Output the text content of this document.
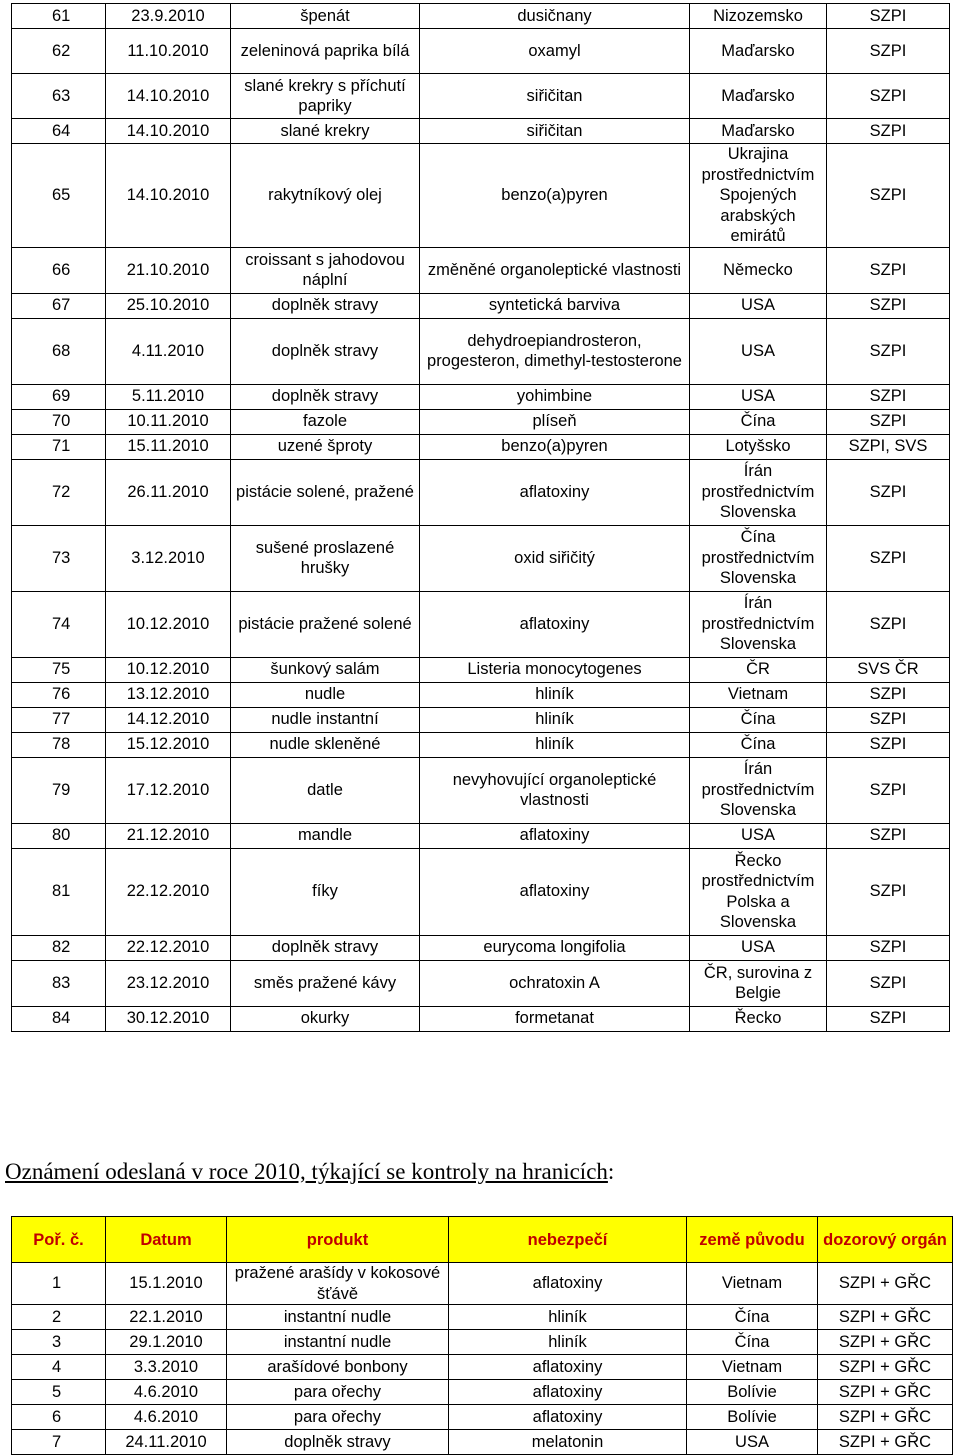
61	23.9.2010	špenát	dusičnany	Nizozemsko	SZPI
62	11.10.2010	zeleninová paprika bílá	oxamyl	Maďarsko	SZPI
63	14.10.2010	slané krekry s příchutí papriky	siřičitan	Maďarsko	SZPI
64	14.10.2010	slané krekry	siřičitan	Maďarsko	SZPI
65	14.10.2010	rakytníkový olej	benzo(a)pyren	Ukrajina prostřednictvím Spojených arabských emirátů	SZPI
66	21.10.2010	croissant s jahodovou náplní	změněné organoleptické vlastnosti	Německo	SZPI
67	25.10.2010	doplněk stravy	syntetická barviva	USA	SZPI
68	4.11.2010	doplněk stravy	dehydroepiandrosteron, progesteron, dimethyl-testosterone	USA	SZPI
69	5.11.2010	doplněk stravy	yohimbine	USA	SZPI
70	10.11.2010	fazole	plíseň	Čína	SZPI
71	15.11.2010	uzené šproty	benzo(a)pyren	Lotyšsko	SZPI, SVS
72	26.11.2010	pistácie solené, pražené	aflatoxiny	Írán prostřednictvím Slovenska	SZPI
73	3.12.2010	sušené proslazené hrušky	oxid siřičitý	Čína prostřednictvím Slovenska	SZPI
74	10.12.2010	pistácie pražené solené	aflatoxiny	Írán prostřednictvím Slovenska	SZPI
75	10.12.2010	šunkový salám	Listeria monocytogenes	ČR	SVS ČR
76	13.12.2010	nudle	hliník	Vietnam	SZPI
77	14.12.2010	nudle instantní	hliník	Čína	SZPI
78	15.12.2010	nudle skleněné	hliník	Čína	SZPI
79	17.12.2010	datle	nevyhovující organoleptické vlastnosti	Írán prostřednictvím Slovenska	SZPI
80	21.12.2010	mandle	aflatoxiny	USA	SZPI
81	22.12.2010	fíky	aflatoxiny	Řecko prostřednictvím Polska a Slovenska	SZPI
82	22.12.2010	doplněk stravy	eurycoma longifolia	USA	SZPI
83	23.12.2010	směs pražené kávy	ochratoxin A	ČR, surovina z Belgie	SZPI
84	30.12.2010	okurky	formetanat	Řecko	SZPI
Oznámení odeslaná v roce 2010, týkající se kontroly na hranicích:
Poř. č.	Datum	produkt	nebezpečí	země původu	dozorový orgán
1	15.1.2010	pražené arašídy v kokosové šťávě	aflatoxiny	Vietnam	SZPI + GŘC
2	22.1.2010	instantní nudle	hliník	Čína	SZPI + GŘC
3	29.1.2010	instantní nudle	hliník	Čína	SZPI + GŘC
4	3.3.2010	arašídové bonbony	aflatoxiny	Vietnam	SZPI + GŘC
5	4.6.2010	para ořechy	aflatoxiny	Bolívie	SZPI + GŘC
6	4.6.2010	para ořechy	aflatoxiny	Bolívie	SZPI + GŘC
7	24.11.2010	doplněk stravy	melatonin	USA	SZPI + GŘC
